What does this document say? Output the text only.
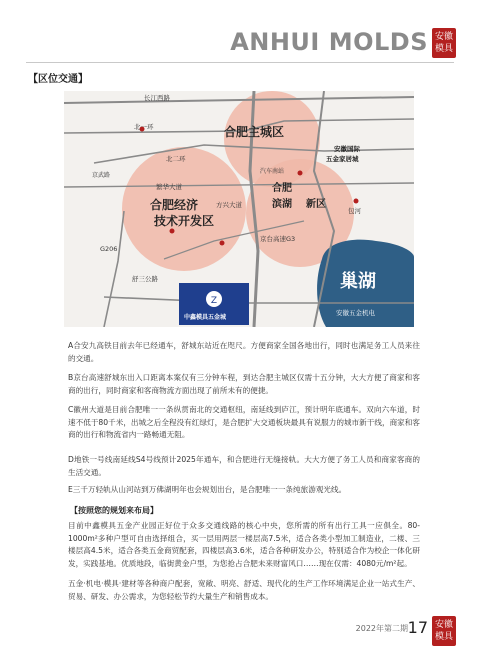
ANHUI MOLDS 安徽
模具
【区位交通】
Z
长江西路
北一环
北二环
合肥主城区
京武路
安徽国际
五金家居城
汽车南站
繁华大道
合肥经济
技术开发区
方兴大道
合肥
滨湖 新区
包河
巢湖
舒三公路
中鑫模具五金城
安徽五金机电
G206
京台高速G3
A合安九高铁目前去年已经通车，舒城东站近在咫尺。方便商家全国各地出行，同时也满足务工人员来往的交通。
B京台高速舒城东出入口距离本案仅有三分钟车程，到达合肥主城区仅需十五分钟，大大方便了商家和客商的出行，同时商家和客商物流方面出现了前所未有的便捷。
C徽州大道是目前合肥唯一一条纵贯南北的交通枢纽，南延线到庐江，预计明年底通车。双向六车道，时速不低于80千米，出城之后全程没有红绿灯，是合肥扩大交通板块最具有说服力的城市新干线，商家和客商的出行和物流省内一路畅通无阻。
D地铁一号线南延线S4号线预计2025年通车，和合肥进行无缝接轨。大大方便了务工人员和商家客商的生活交通。
E三千万轻轨从山河站到万佛湖明年也会规划出台，是合肥唯一一条纯旅游观光线。
【按照您的规划来布局】
目前中鑫模具五金产业园正好位于众多交通线路的核心中央，您所需的所有出行工具一应俱全。80-1000m²多种户型可自由选择组合，买一层用两层一楼层高7.5米，适合各类小型加工制造业，二楼、三楼层高4.5米，适合各类五金商贸配套，四楼层高3.6米，适合各种研发办公，特别适合作为校企一体化研发，实践基地。优质地段，临街黄金户型，为您抢占合肥未来财富风口……现在仅需：4080元/m²起。
五金·机电·模具·建材等各种商户配套，宽敞、明亮、舒适、现代化的生产工作环境满足企业一站式生产、贸易、研发、办公需求，为您轻松节约大量生产和销售成本。
2022年第二期 17 安徽
模具
